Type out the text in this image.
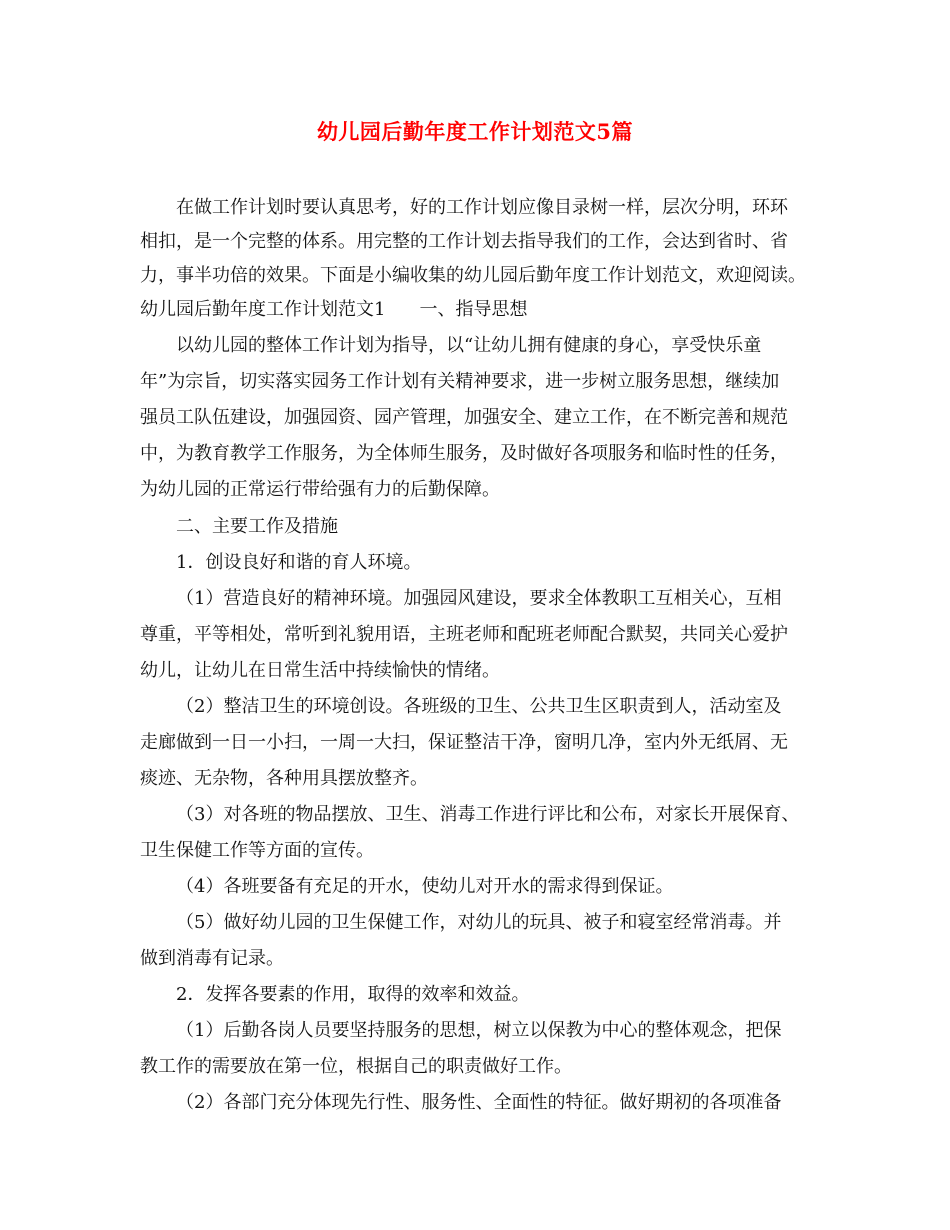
幼儿园后勤年度工作计划范文5篇
在做工作计划时要认真思考，好的工作计划应像目录树一样，层次分明，环环
相扣，是一个完整的体系。用完整的工作计划去指导我们的工作，会达到省时、省
力，事半功倍的效果。下面是小编收集的幼儿园后勤年度工作计划范文，欢迎阅读。
幼儿园后勤年度工作计划范文1 一、指导思想
以幼儿园的整体工作计划为指导，以“让幼儿拥有健康的身心，享受快乐童
年”为宗旨，切实落实园务工作计划有关精神要求，进一步树立服务思想，继续加
强员工队伍建设，加强园资、园产管理，加强安全、建立工作，在不断完善和规范
中，为教育教学工作服务，为全体师生服务，及时做好各项服务和临时性的任务，
为幼儿园的正常运行带给强有力的后勤保障。
二、主要工作及措施
1．创设良好和谐的育人环境。
（1）营造良好的精神环境。加强园风建设，要求全体教职工互相关心，互相
尊重，平等相处，常听到礼貌用语，主班老师和配班老师配合默契，共同关心爱护
幼儿，让幼儿在日常生活中持续愉快的情绪。
（2）整洁卫生的环境创设。各班级的卫生、公共卫生区职责到人，活动室及
走廊做到一日一小扫，一周一大扫，保证整洁干净，窗明几净，室内外无纸屑、无
痰迹、无杂物，各种用具摆放整齐。
（3）对各班的物品摆放、卫生、消毒工作进行评比和公布，对家长开展保育、
卫生保健工作等方面的宣传。
（4）各班要备有充足的开水，使幼儿对开水的需求得到保证。
（5）做好幼儿园的卫生保健工作，对幼儿的玩具、被子和寝室经常消毒。并
做到消毒有记录。
2．发挥各要素的作用，取得的效率和效益。
（1）后勤各岗人员要坚持服务的思想，树立以保教为中心的整体观念，把保
教工作的需要放在第一位，根据自己的职责做好工作。
（2）各部门充分体现先行性、服务性、全面性的特征。做好期初的各项准备
